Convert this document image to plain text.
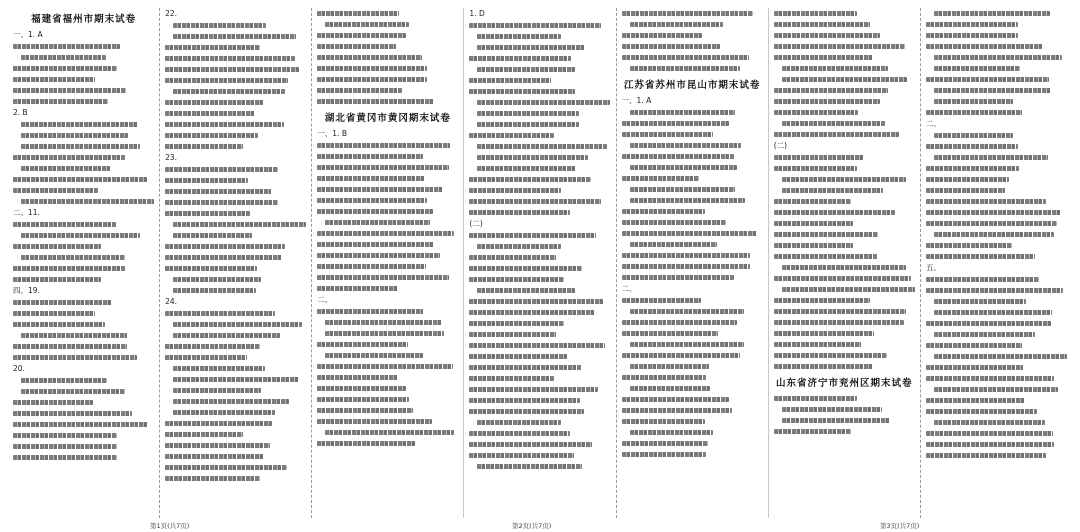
福建省福州市期末试卷
一、1. A
2. B
二、11.
四、19.
20.
22.
23.
24.
湖北省黄冈市黄冈期末试卷
一、1. B
二、
1. D
(二)
江苏省苏州市昆山市期末试卷
一、1. A
二、
(二)
山东省济宁市兖州区期末试卷
二、
五、
第1页(共7页)	第2页(共7页)	第3页(共7页)
